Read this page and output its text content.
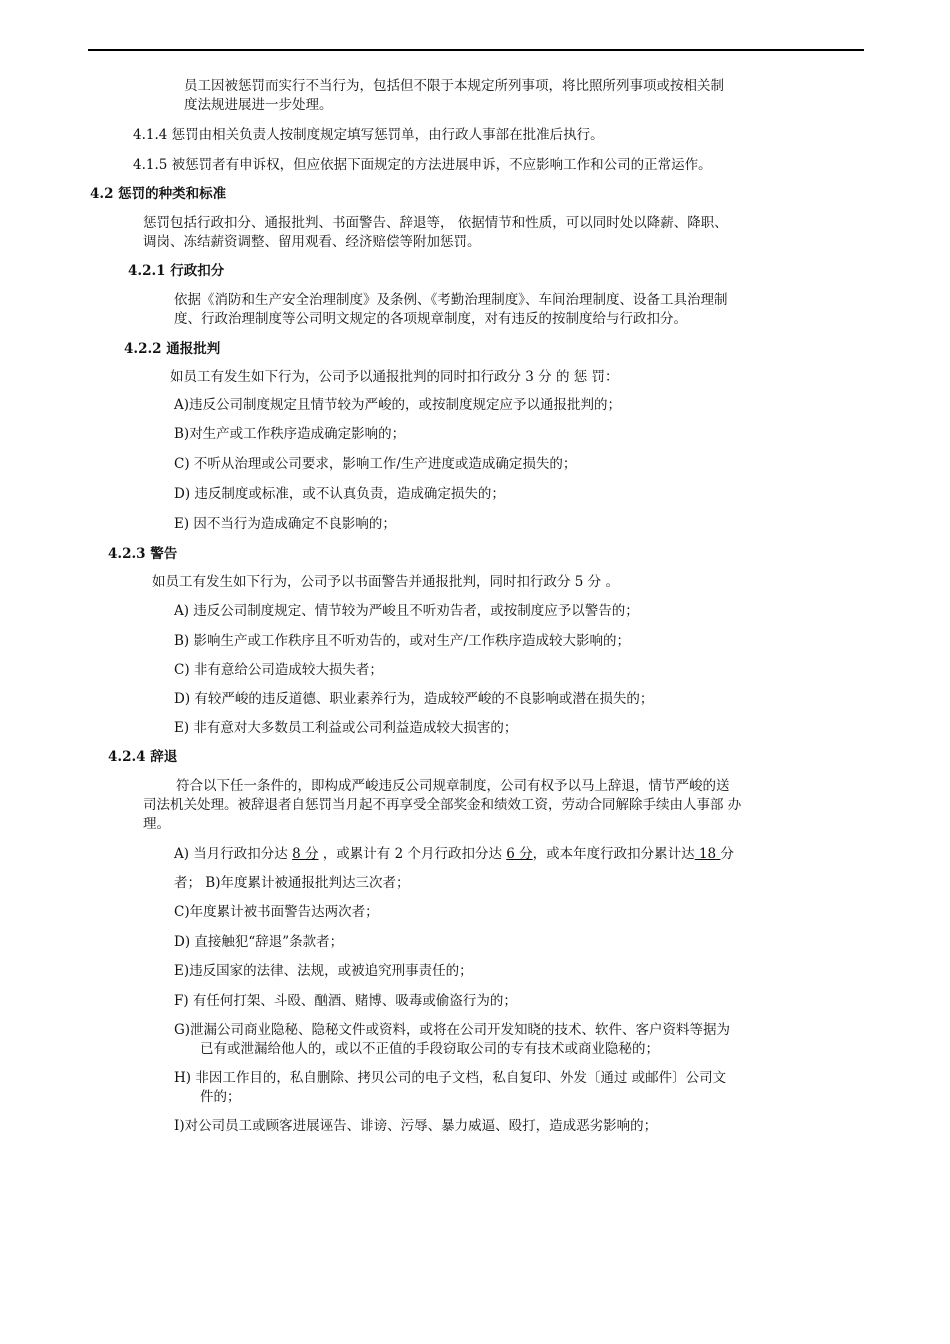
员工因被惩罚而实行不当行为，包括但不限于本规定所列事项，将比照所列事项或按相关制
度法规进展进一步处理。
4.1.4 惩罚由相关负责人按制度规定填写惩罚单，由行政人事部在批准后执行。
4.1.5 被惩罚者有申诉权，但应依据下面规定的方法进展申诉，不应影响工作和公司的正常运作。
4.2 惩罚的种类和标准
惩罚包括行政扣分、通报批判、书面警告、辞退等， 依据情节和性质，可以同时处以降薪、降职、
调岗、冻结薪资调整、留用观看、经济赔偿等附加惩罚。
4.2.1 行政扣分
依据《消防和生产安全治理制度》及条例、《考勤治理制度》、车间治理制度、设备工具治理制
度、行政治理制度等公司明文规定的各项规章制度，对有违反的按制度给与行政扣分。
4.2.2 通报批判
如员工有发生如下行为，公司予以通报批判的同时扣行政分 3 分 的 惩 罚：
A)违反公司制度规定且情节较为严峻的，或按制度规定应予以通报批判的；
B)对生产或工作秩序造成确定影响的；
C) 不听从治理或公司要求，影响工作/生产进度或造成确定损失的；
D) 违反制度或标准，或不认真负责，造成确定损失的；
E) 因不当行为造成确定不良影响的；
4.2.3 警告
如员工有发生如下行为，公司予以书面警告并通报批判，同时扣行政分 5 分 。
A) 违反公司制度规定、情节较为严峻且不听劝告者，或按制度应予以警告的；
B) 影响生产或工作秩序且不听劝告的，或对生产/工作秩序造成较大影响的；
C) 非有意给公司造成较大损失者；
D) 有较严峻的违反道德、职业素养行为，造成较严峻的不良影响或潜在损失的；
E) 非有意对大多数员工利益或公司利益造成较大损害的；
4.2.4 辞退
符合以下任一条件的，即构成严峻违反公司规章制度，公司有权予以马上辞退，情节严峻的送
司法机关处理。被辞退者自惩罚当月起不再享受全部奖金和绩效工资，劳动合同解除手续由人事部 办
理。
A) 当月行政扣分达 8 分 ，或累计有 2 个月行政扣分达 6 分，或本年度行政扣分累计达 18 分
者； B)年度累计被通报批判达三次者；
C)年度累计被书面警告达两次者；
D) 直接触犯“辞退”条款者；
E)违反国家的法律、法规，或被追究刑事责任的；
F) 有任何打架、斗殴、酗酒、赌博、吸毒或偷盗行为的；
G)泄漏公司商业隐秘、隐秘文件或资料，或将在公司开发知晓的技术、软件、客户资料等据为
已有或泄漏给他人的，或以不正值的手段窃取公司的专有技术或商业隐秘的；
H) 非因工作目的，私自删除、拷贝公司的电子文档，私自复印、外发〔通过 或邮件〕公司文
件的；
I)对公司员工或顾客进展诬告、诽谤、污辱、暴力威逼、殴打，造成恶劣影响的；
